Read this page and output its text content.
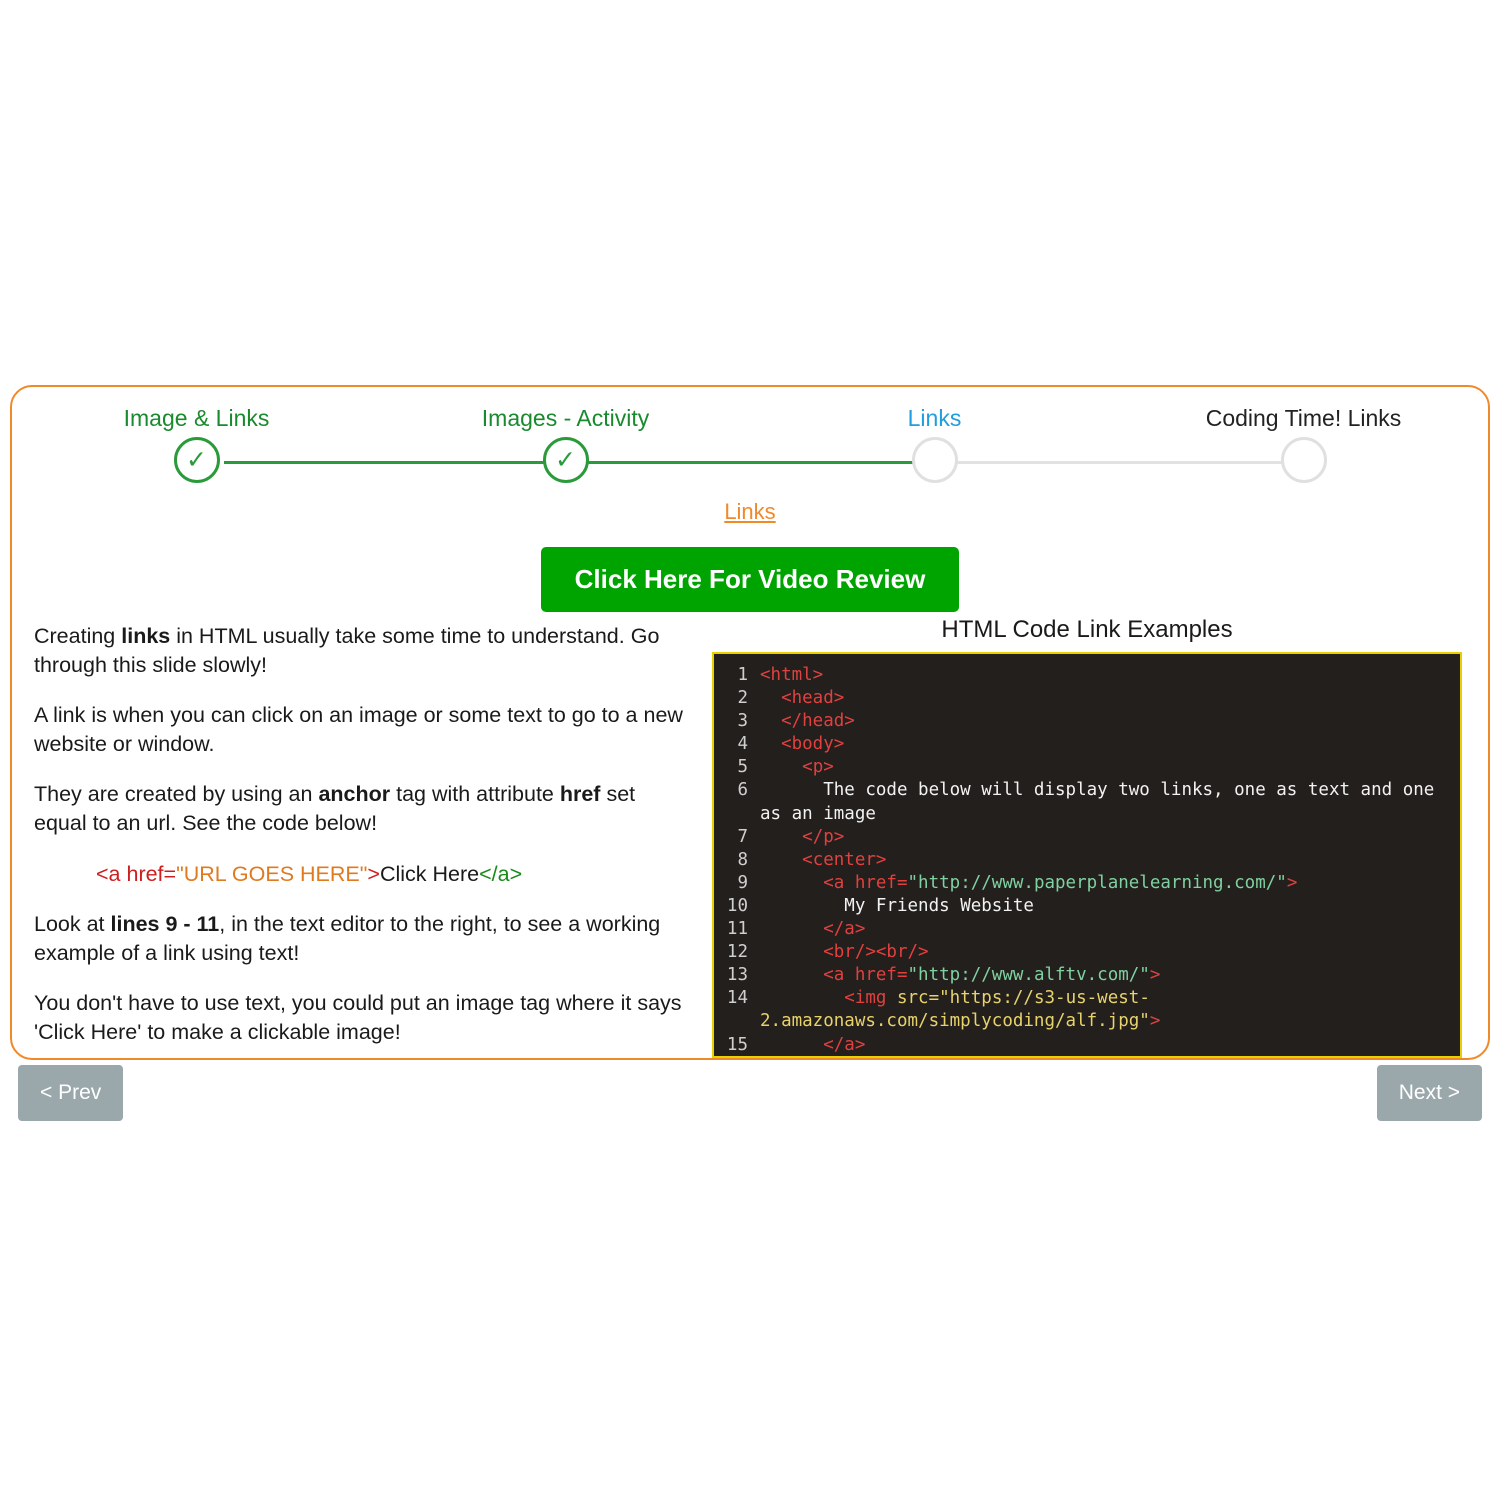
Image & Links	Images - Activity	Links	Coding Time! Links
✓	✓
Links
Click Here For Video Review

Creating links in HTML usually take some time to understand. Go through this slide slowly!

A link is when you can click on an image or some text to go to a new website or window.

They are created by using an anchor tag with attribute href set equal to an url. See the code below!

<a href="URL GOES HERE">Click Here</a>

Look at lines 9 - 11, in the text editor to the right, to see a working example of a link using text!

You don't have to use text, you could put an image tag where it says 'Click Here' to make a clickable image!

HTML Code Link Examples
1 <html>
2	<head>
3	</head>
4	<body>
5	<p>
6	The code below will display two links, one as text and one as an image
7	</p>
8	<center>
9	<a href="http://www.paperplanelearning.com/">
10	My Friends Website
11	</a>
12	<br/><br/>
13	<a href="http://www.alftv.com/">
14	<img src="https://s3-us-west-2.amazonaws.com/simplycoding/alf.jpg">
15	</a>

< Prev	Next >
